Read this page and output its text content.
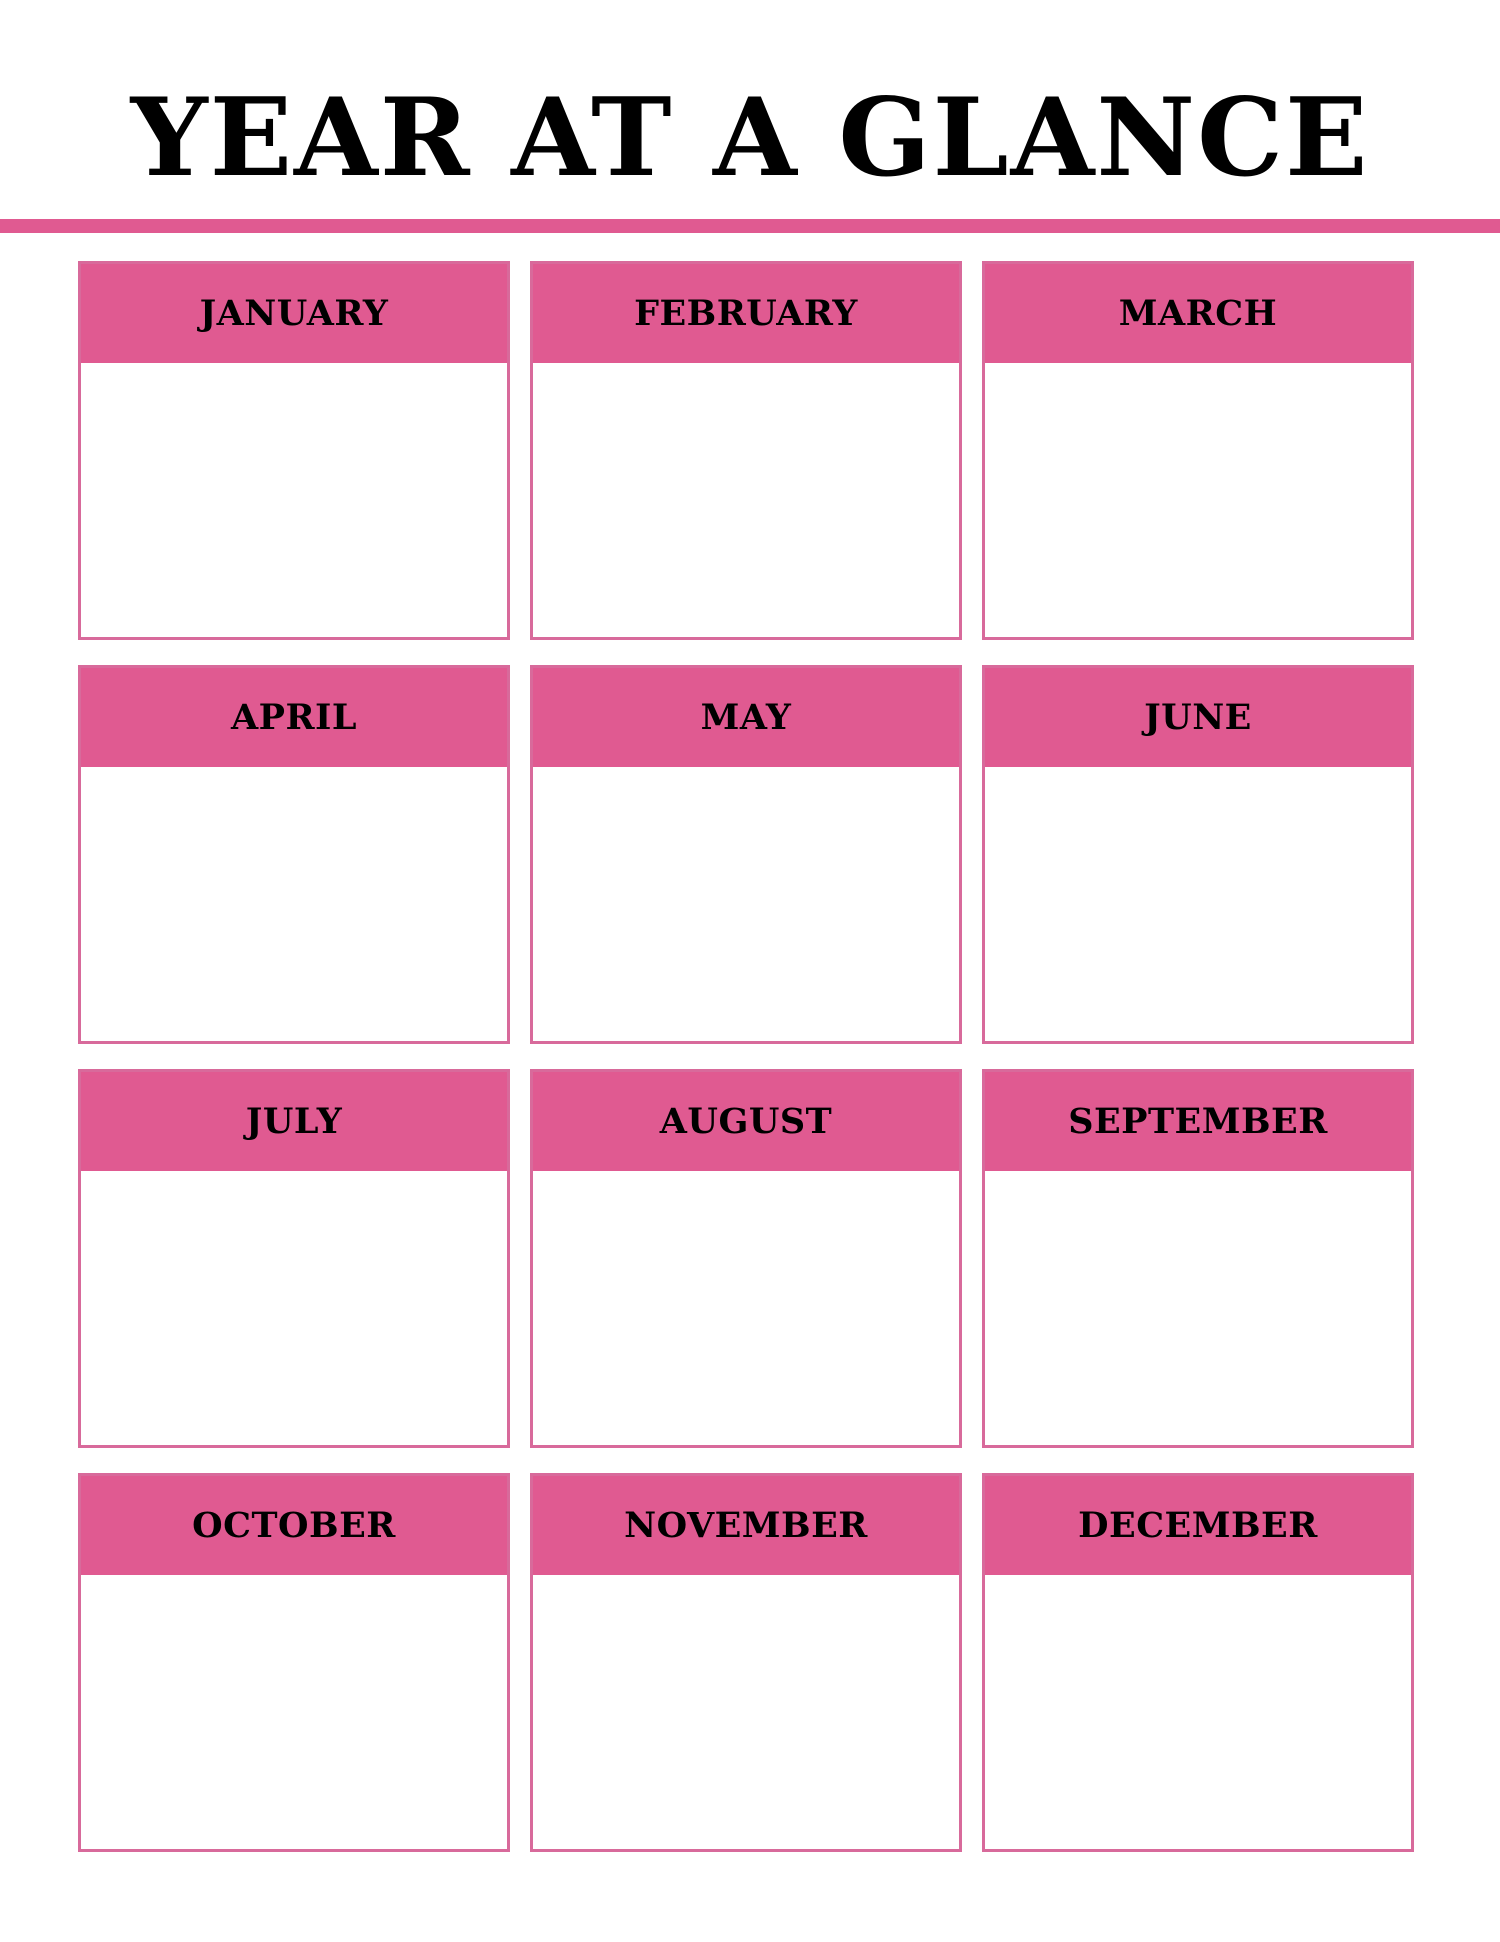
YEAR AT A GLANCE
JANUARY	FEBRUARY	MARCH
APRIL	MAY	JUNE
JULY	AUGUST	SEPTEMBER
OCTOBER	NOVEMBER	DECEMBER
